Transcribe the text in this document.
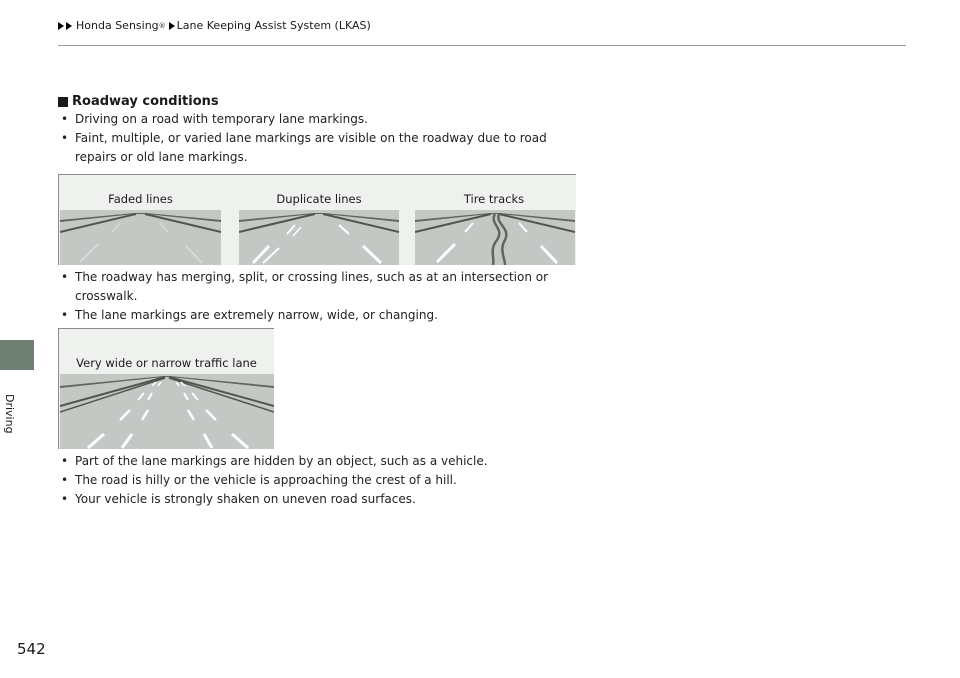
Honda Sensing ® Lane Keeping Assist System (LKAS)
Driving
Roadway conditions
• Driving on a road with temporary lane markings.
• Faint, multiple, or varied lane markings are visible on the roadway due to road repairs or old lane markings.
Faded lines	Duplicate lines	Tire tracks
• The roadway has merging, split, or crossing lines, such as at an intersection or crosswalk.
• The lane markings are extremely narrow, wide, or changing.
Very wide or narrow traffic lane
• Part of the lane markings are hidden by an object, such as a vehicle.
• The road is hilly or the vehicle is approaching the crest of a hill.
• Your vehicle is strongly shaken on uneven road surfaces.
542
